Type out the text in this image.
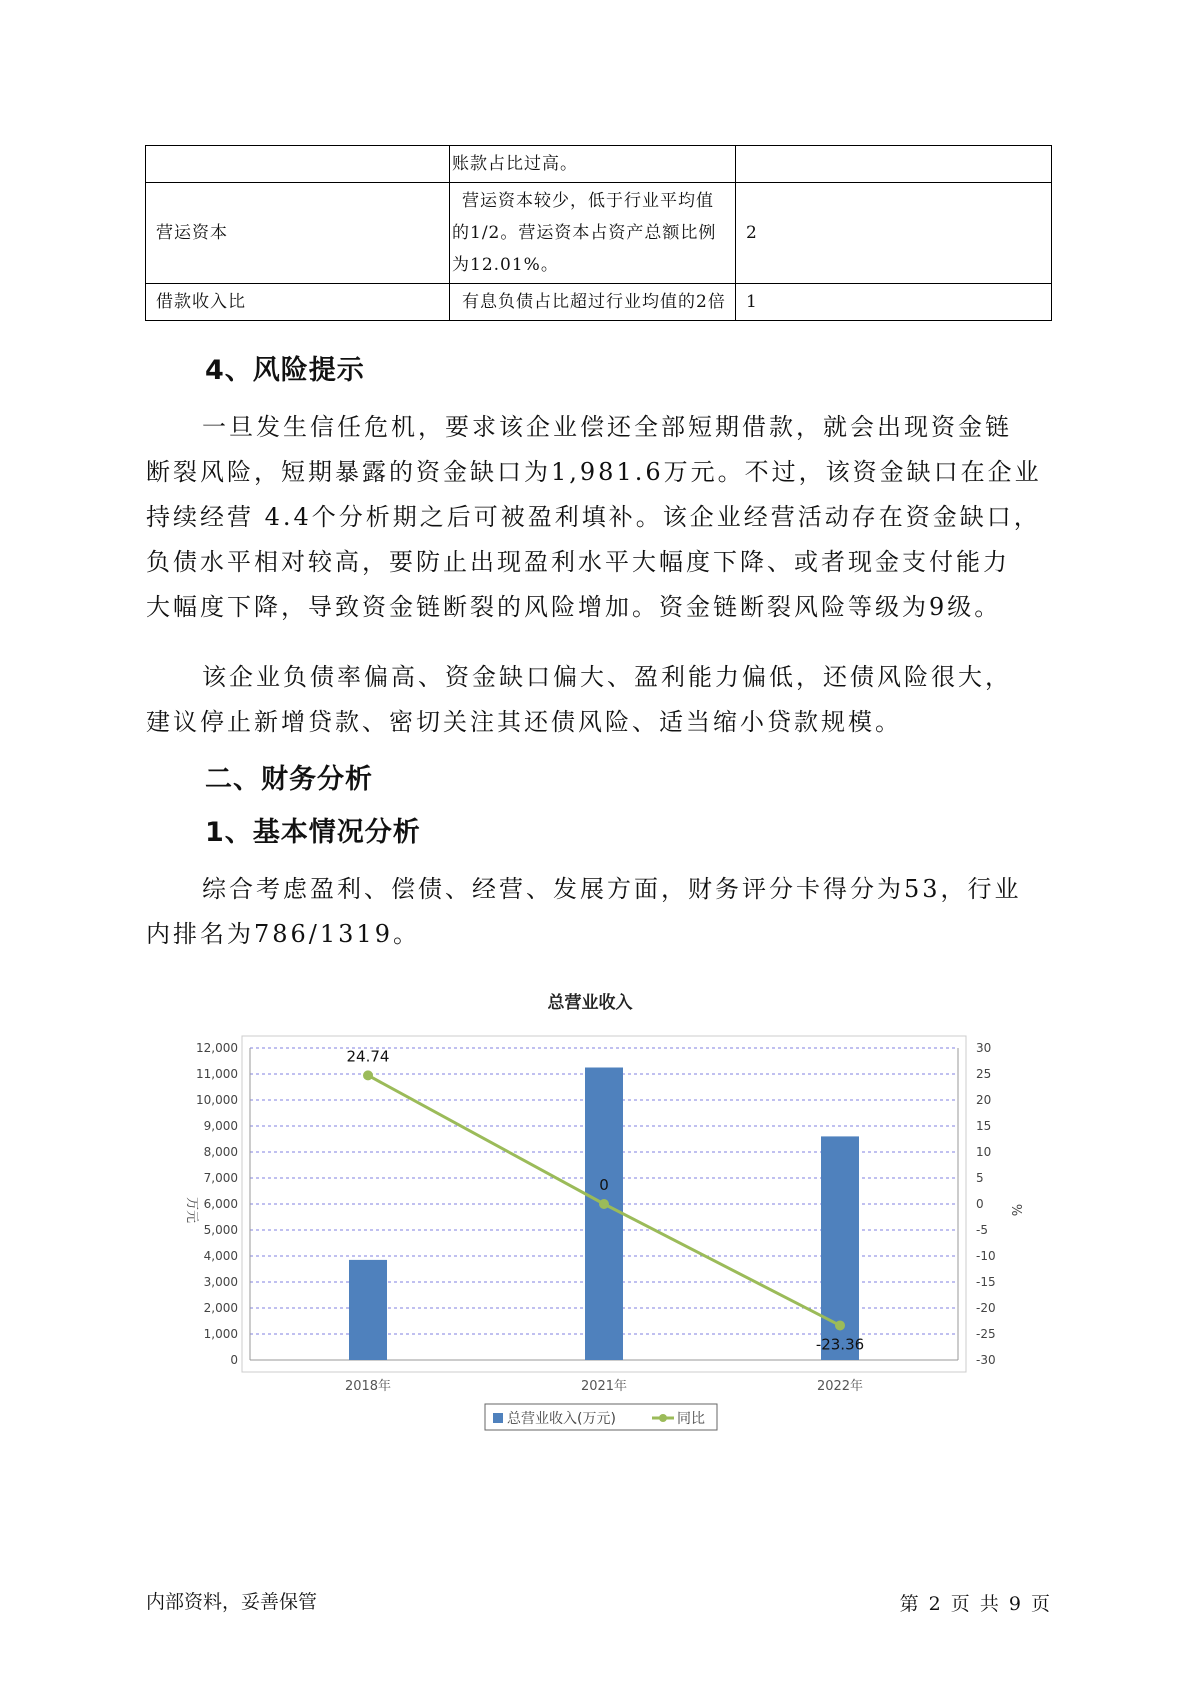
	账款占比过高。	

营运资本	营运资本较少，低于行业平均值
的1/2。营运资本占资产总额比例
为12.01%。	2
借款收入比	有息负债占比超过行业均值的2倍	1
4、风险提示
一旦发生信任危机，要求该企业偿还全部短期借款，就会出现资金链
断裂风险，短期暴露的资金缺口为1,981.6万元。不过，该资金缺口在企业
持续经营 4.4个分析期之后可被盈利填补。该企业经营活动存在资金缺口，
负债水平相对较高，要防止出现盈利水平大幅度下降、或者现金支付能力
大幅度下降，导致资金链断裂的风险增加。资金链断裂风险等级为9级。
该企业负债率偏高、资金缺口偏大、盈利能力偏低，还债风险很大，
建议停止新增贷款、密切关注其还债风险、适当缩小贷款规模。
二、财务分析
1、基本情况分析
综合考虑盈利、偿债、经营、发展方面，财务评分卡得分为53，行业
内排名为786/1319。
0
1,000
2,000
3,000
4,000
5,000
6,000
7,000
8,000
9,000
10,000
11,000
12,000	30
25
20
15
10
5
0
-5
-10
-15
-20
-25
-30
总营业收入
万元	%
2018年	2021年	2022年
24.74
0
-23.36
总营业收入(万元)	同比
内部资料，妥善保管	第 2 页 共 9 页
